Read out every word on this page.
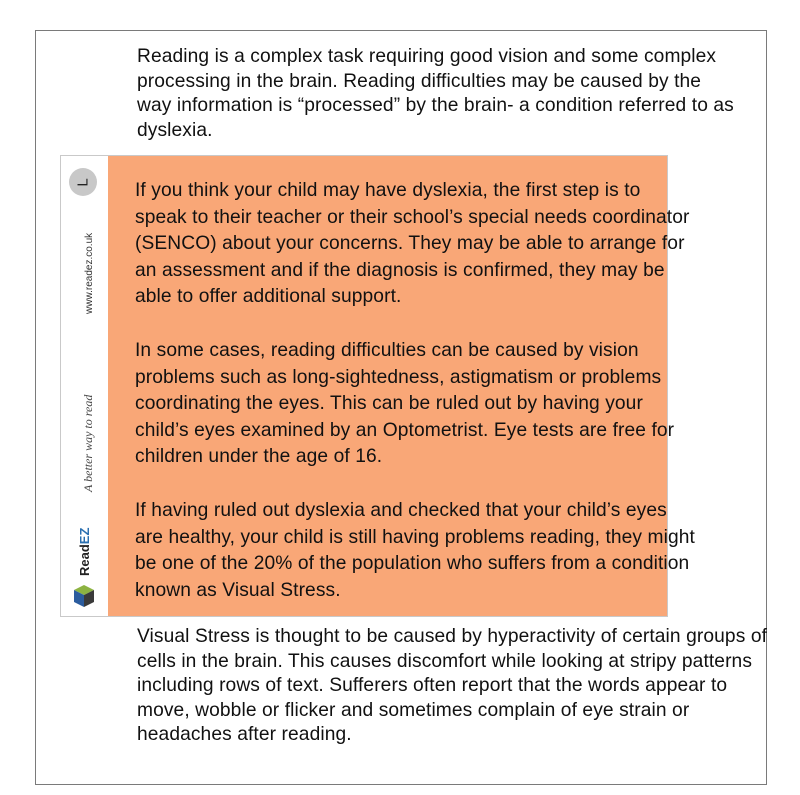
Reading is a complex task requiring good vision and some complex processing in the brain. Reading difficulties may be caused by the way information is “processed” by the brain- a condition referred to as dyslexia.

L
www.readez.co.uk
A better way to read
ReadEZ

If you think your child may have dyslexia, the first step is to speak to their teacher or their school’s special needs coordinator (SENCO) about your concerns. They may be able to arrange for an assessment and if the diagnosis is confirmed, they may be able to offer additional support.

In some cases, reading difficulties can be caused by vision problems such as long-sightedness, astigmatism or problems coordinating the eyes. This can be ruled out by having your child’s eyes examined by an Optometrist. Eye tests are free for children under the age of 16.

If having ruled out dyslexia and checked that your child’s eyes are healthy, your child is still having problems reading, they might be one of the 20% of the population who suffers from a condition known as Visual Stress.

Visual Stress is thought to be caused by hyperactivity of certain groups of cells in the brain. This causes discomfort while looking at stripy patterns including rows of text. Sufferers often report that the words appear to move, wobble or flicker and sometimes complain of eye strain or headaches after reading.
